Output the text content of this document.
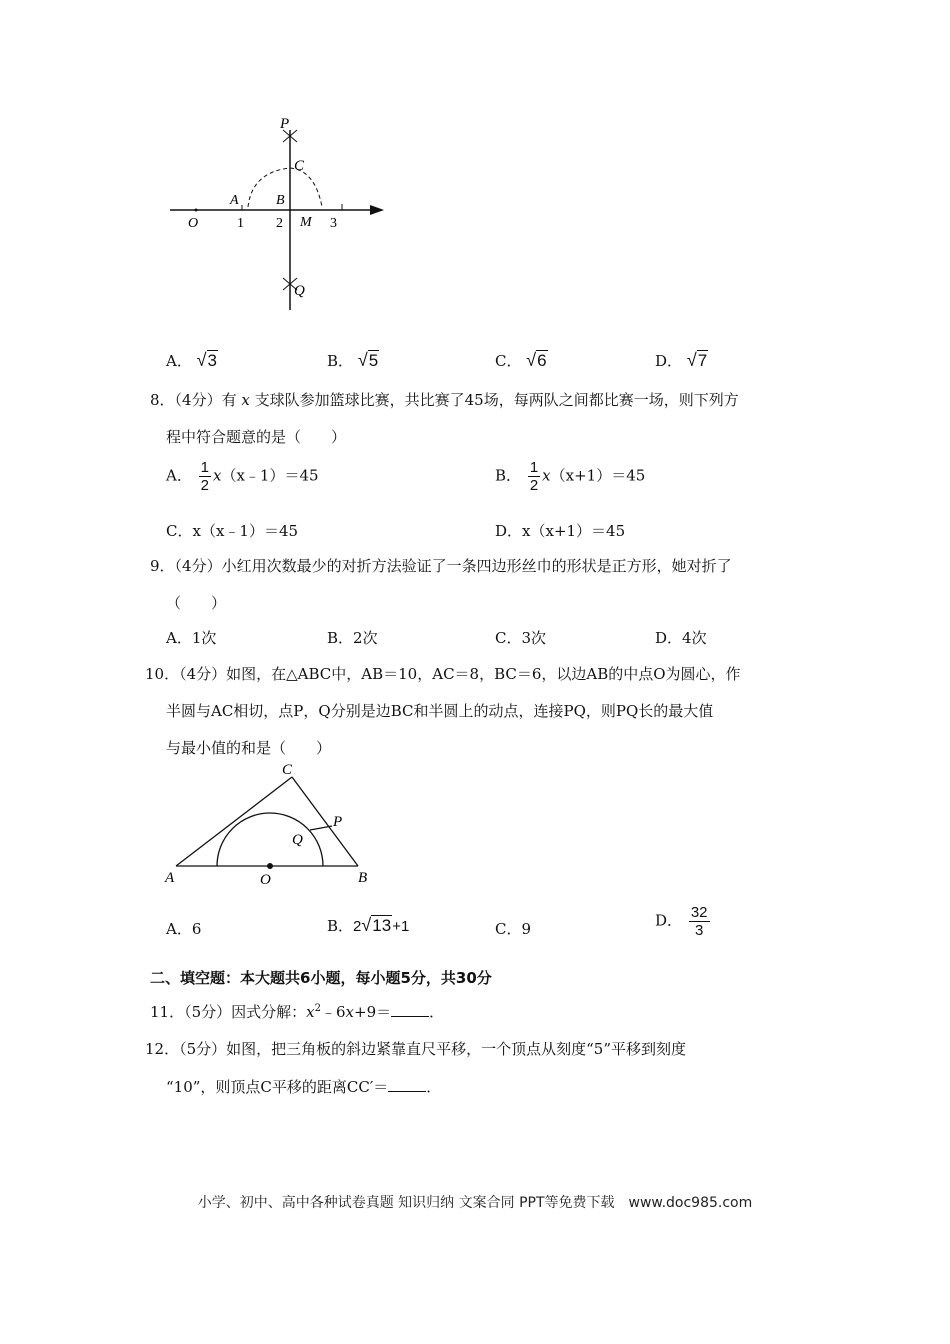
P
C
A	B
O	1 2 M 3
Q
A． √3	B． √5	C． √6	D． √7
8．（4分）有 x 支球队参加篮球比赛，共比赛了45场，每两队之间都比赛一场，则下列方
程中符合题意的是（　　）
A． $\frac{1}{2}$ x（x﹣1）＝45	B． $\frac{1}{2} x(x+1)=45$
C．x（x﹣1）＝45	D．x（x+1）＝45
9．（4分）小红用次数最少的对折方法验证了一条四边形丝巾的形状是正方形，她对折了
（　　）
A．1次	B．2次	C．3次	D．4次
10．（4分）如图，在△ABC中，AB＝10，AC＝8，BC＝6，以边AB的中点O为圆心，作
半圆与AC相切，点P，Q分别是边BC和半圆上的动点，连接PQ，则PQ长的最大值
与最小值的和是（　　）
C
P
Q
A	O	B
A．6	B．2√13+1	C．9	D． $\frac{32}{3}$
二、填空题：本大题共6小题，每小题5分，共30分
11．（5分）因式分解：$x^2﹣6x+9=$	．
12．（5分）如图，把三角板的斜边紧靠直尺平移，一个顶点从刻度“5”平移到刻度
“10”，则顶点C平移的距离CC′＝	．
小学、初中、高中各种试卷真题 知识归纳 文案合同 PPT等免费下载　www.doc985.com
